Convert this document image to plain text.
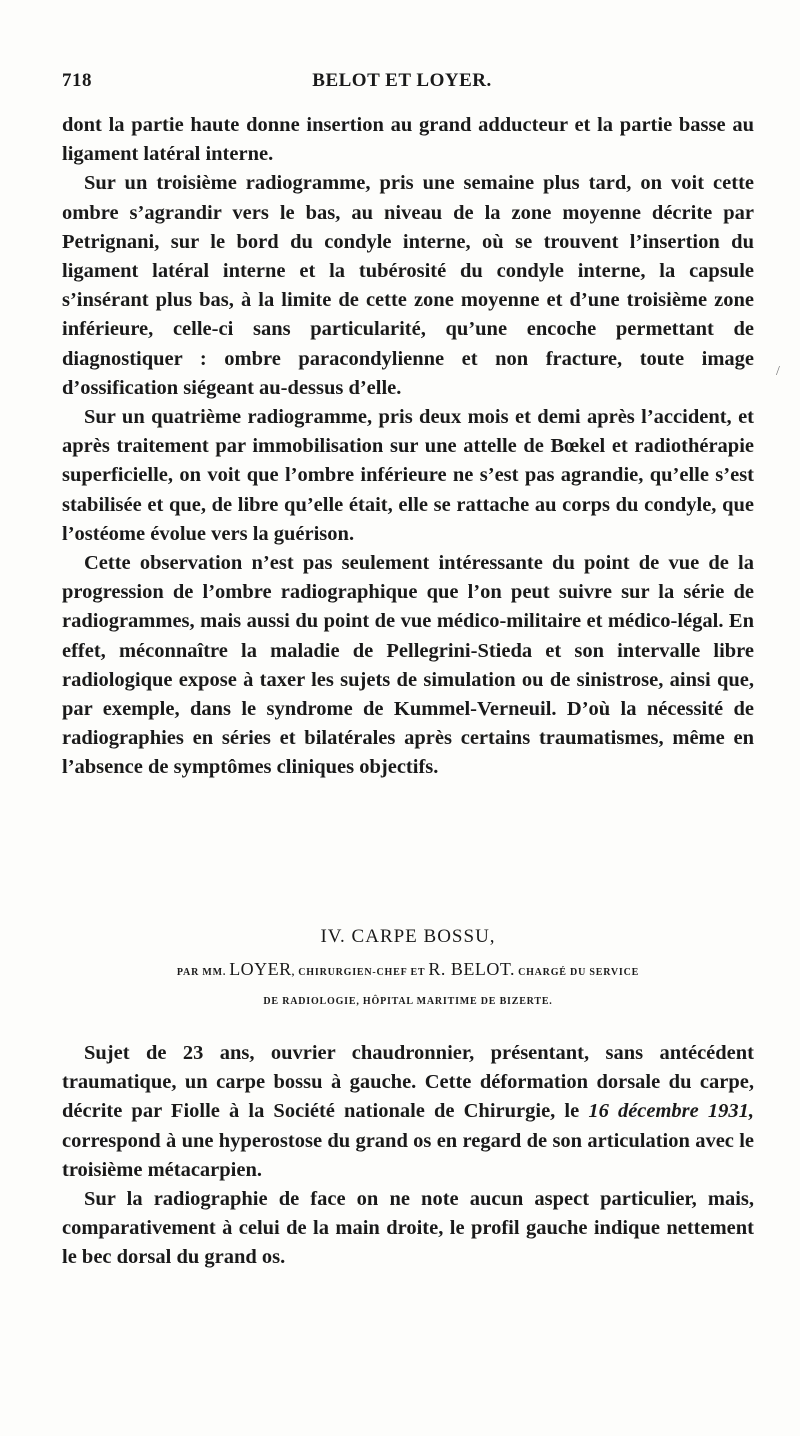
718	BELOT ET LOYER.

dont la partie haute donne insertion au grand adducteur et la partie basse au ligament latéral interne.

Sur un troisième radiogramme, pris une semaine plus tard, on voit cette ombre s’agrandir vers le bas, au niveau de la zone moyenne décrite par Petrignani, sur le bord du condyle interne, où se trouvent l’insertion du ligament latéral interne et la tubérosité du condyle interne, la capsule s’insérant plus bas, à la limite de cette zone moyenne et d’une troisième zone inférieure, celle-ci sans particularité, qu’une encoche permettant de diagnostiquer : ombre paracondylienne et non fracture, toute image d’ossification siégeant au-dessus d’elle.

Sur un quatrième radiogramme, pris deux mois et demi après l’accident, et après traitement par immobilisation sur une attelle de Bœkel et radiothérapie superficielle, on voit que l’ombre inférieure ne s’est pas agrandie, qu’elle s’est stabilisée et que, de libre qu’elle était, elle se rattache au corps du condyle, que l’ostéome évolue vers la guérison.

Cette observation n’est pas seulement intéressante du point de vue de la progression de l’ombre radiographique que l’on peut suivre sur la série de radiogrammes, mais aussi du point de vue médico-militaire et médico-légal. En effet, méconnaître la maladie de Pellegrini-Stieda et son intervalle libre radiologique expose à taxer les sujets de simulation ou de sinistrose, ainsi que, par exemple, dans le syndrome de Kummel-Verneuil. D’où la nécessité de radiographies en séries et bilatérales après certains traumatismes, même en l’absence de symptômes cliniques objectifs.

IV. CARPE BOSSU,
PAR MM. LOYER, CHIRURGIEN-CHEF ET R. BELOT. CHARGÉ DU SERVICE
DE RADIOLOGIE, HÔPITAL MARITIME DE BIZERTE.

Sujet de 23 ans, ouvrier chaudronnier, présentant, sans antécédent traumatique, un carpe bossu à gauche. Cette déformation dorsale du carpe, décrite par Fiolle à la Société nationale de Chirurgie, le 16 décembre 1931, correspond à une hyperostose du grand os en regard de son articulation avec le troisième métacarpien.

Sur la radiographie de face on ne note aucun aspect particulier, mais, comparativement à celui de la main droite, le profil gauche indique nettement le bec dorsal du grand os.

/
